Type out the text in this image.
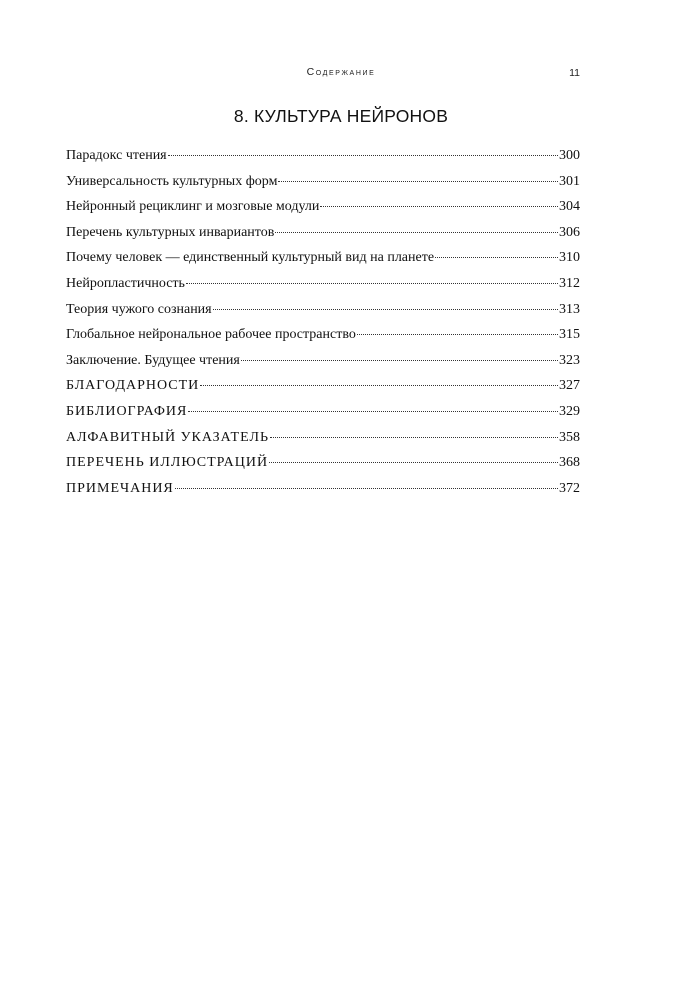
Содержание	11
8. КУЛЬТУРА НЕЙРОНОВ
Парадокс чтения	300
Универсальность культурных форм	301
Нейронный рециклинг и мозговые модули	304
Перечень культурных инвариантов	306
Почему человек — единственный культурный вид на планете	310
Нейропластичность	312
Теория чужого сознания	313
Глобальное нейрональное рабочее пространство	315
Заключение. Будущее чтения	323
БЛАГОДАРНОСТИ	327
БИБЛИОГРАФИЯ	329
АЛФАВИТНЫЙ УКАЗАТЕЛЬ	358
ПЕРЕЧЕНЬ ИЛЛЮСТРАЦИЙ	368
ПРИМЕЧАНИЯ	372
